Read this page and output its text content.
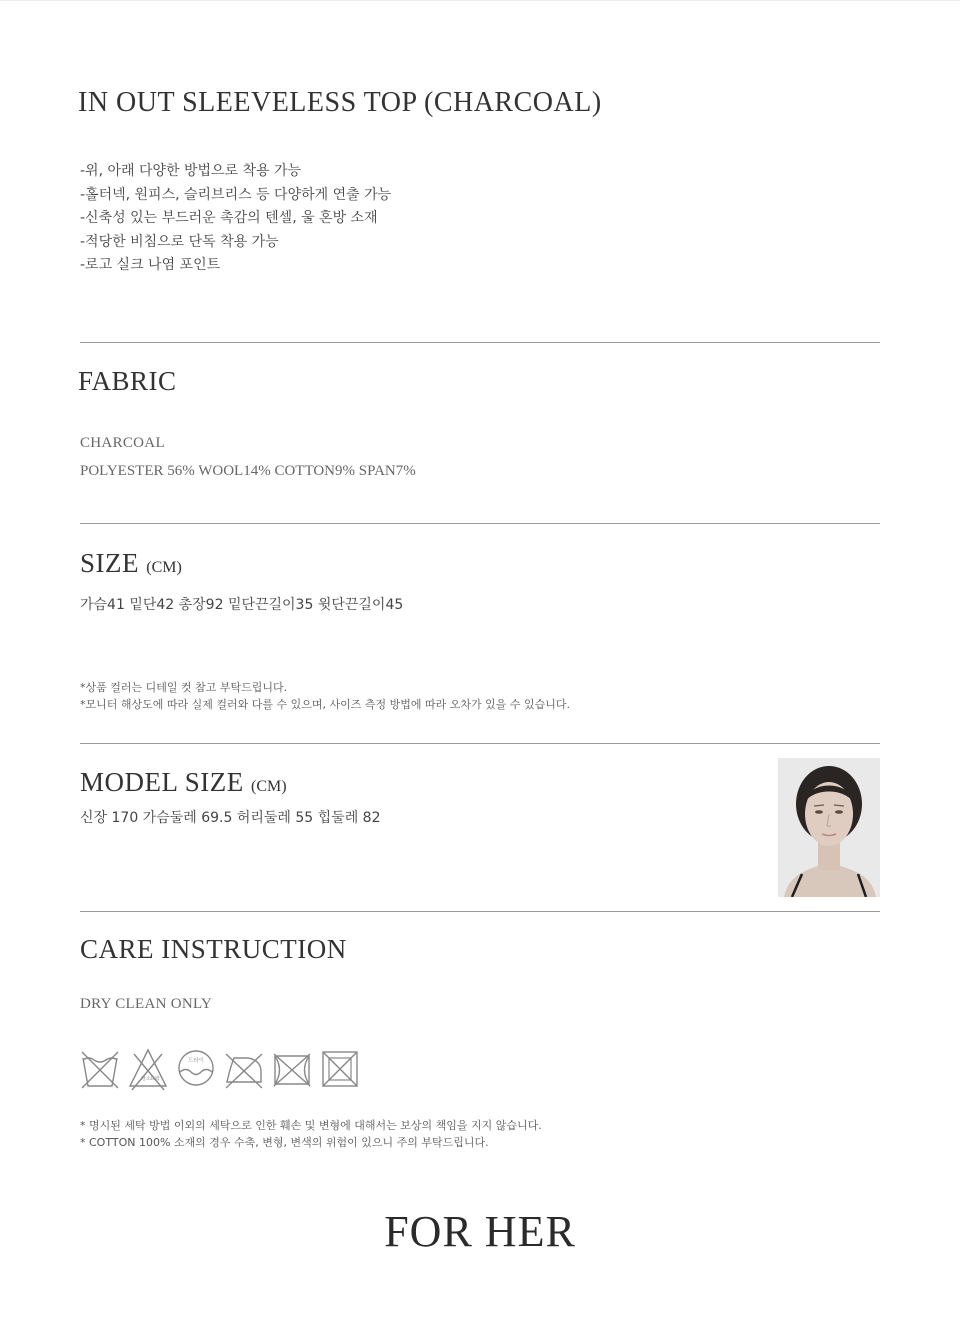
IN OUT SLEEVELESS TOP (CHARCOAL)
-위, 아래 다양한 방법으로 착용 가능
-홀터넥, 원피스, 슬리브리스 등 다양하게 연출 가능
-신축성 있는 부드러운 촉감의 텐셀, 울 혼방 소재
-적당한 비침으로 단독 착용 가능
-로고 실크 나염 포인트
FABRIC
CHARCOAL
POLYESTER 56% WOOL14% COTTON9% SPAN7%
SIZE (CM)
가슴41 밑단42 총장92 밑단끈길이35 윗단끈길이45
*상품 컬러는 디테일 컷 참고 부탁드립니다.
*모니터 해상도에 따라 실제 컬러와 다를 수 있으며, 사이즈 측정 방법에 따라 오차가 있을 수 있습니다.
MODEL SIZE (CM)
신장 170 가슴둘레 69.5 허리둘레 55 힙둘레 82
CARE INSTRUCTION
DRY CLEAN ONLY
염소 표백
드라이
* 명시된 세탁 방법 이외의 세탁으로 인한 훼손 및 변형에 대해서는 보상의 책임을 지지 않습니다.
* COTTON 100% 소재의 경우 수축, 변형, 변색의 위험이 있으니 주의 부탁드립니다.
FOR HER
